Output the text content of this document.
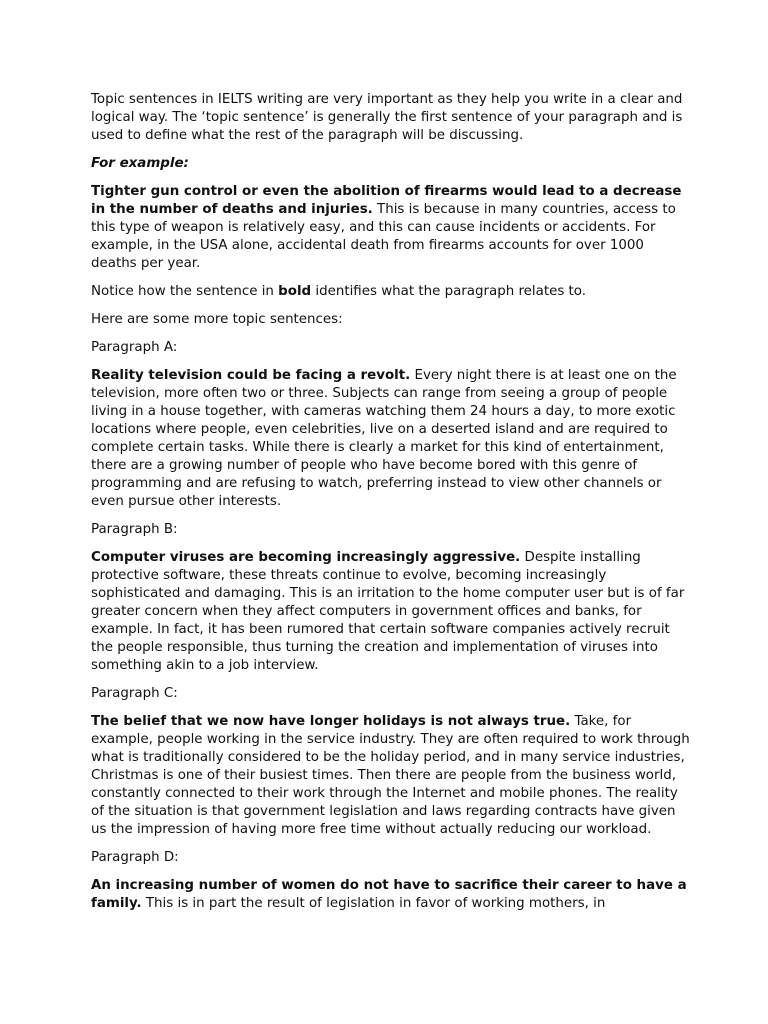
Topic sentences in IELTS writing are very important as they help you write in a clear and logical way. The ‘topic sentence’ is generally the first sentence of your paragraph and is used to define what the rest of the paragraph will be discussing.

For example:

Tighter gun control or even the abolition of firearms would lead to a decrease in the number of deaths and injuries. This is because in many countries, access to this type of weapon is relatively easy, and this can cause incidents or accidents. For example, in the USA alone, accidental death from firearms accounts for over 1000 deaths per year.

Notice how the sentence in bold identifies what the paragraph relates to.

Here are some more topic sentences:

Paragraph A:

Reality television could be facing a revolt. Every night there is at least one on the television, more often two or three. Subjects can range from seeing a group of people living in a house together, with cameras watching them 24 hours a day, to more exotic locations where people, even celebrities, live on a deserted island and are required to complete certain tasks. While there is clearly a market for this kind of entertainment, there are a growing number of people who have become bored with this genre of programming and are refusing to watch, preferring instead to view other channels or even pursue other interests.

Paragraph B:

Computer viruses are becoming increasingly aggressive. Despite installing protective software, these threats continue to evolve, becoming increasingly sophisticated and damaging. This is an irritation to the home computer user but is of far greater concern when they affect computers in government offices and banks, for example. In fact, it has been rumored that certain software companies actively recruit the people responsible, thus turning the creation and implementation of viruses into something akin to a job interview.

Paragraph C:

The belief that we now have longer holidays is not always true. Take, for example, people working in the service industry. They are often required to work through what is traditionally considered to be the holiday period, and in many service industries, Christmas is one of their busiest times. Then there are people from the business world, constantly connected to their work through the Internet and mobile phones. The reality of the situation is that government legislation and laws regarding contracts have given us the impression of having more free time without actually reducing our workload.

Paragraph D:

An increasing number of women do not have to sacrifice their career to have a family. This is in part the result of legislation in favor of working mothers, in
